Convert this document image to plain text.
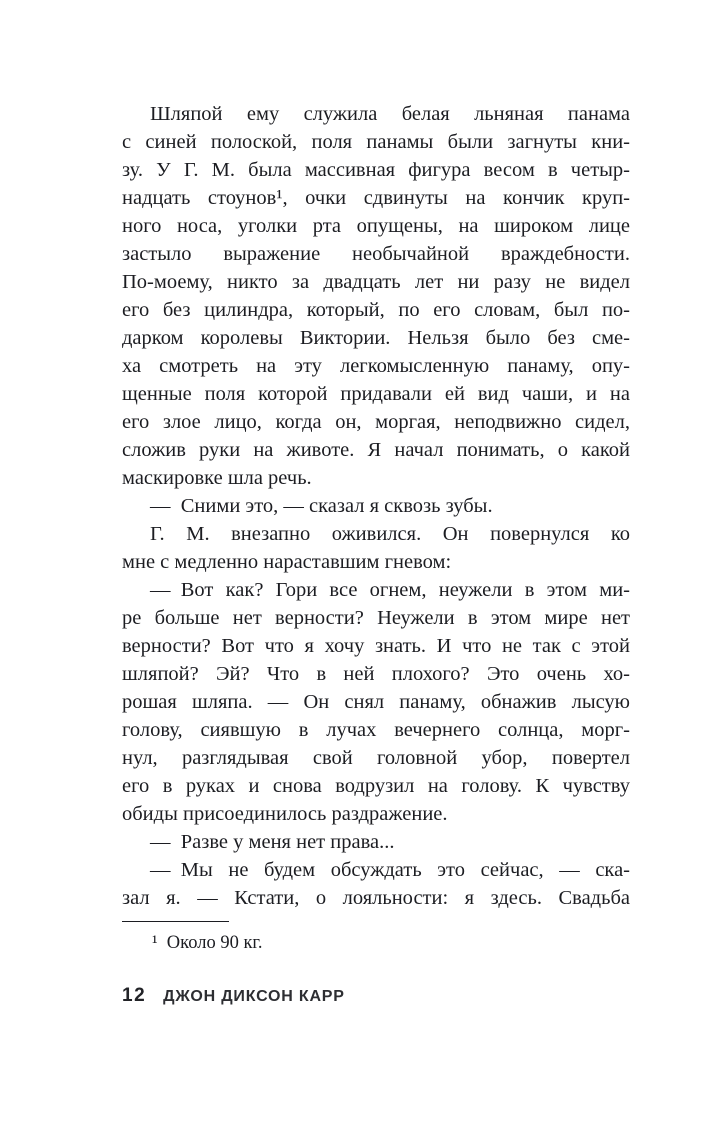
Шляпой ему служила белая льняная панама
с синей полоской, поля панамы были загнуты кни-
зу. У Г. М. была массивная фигура весом в четыр-
надцать стоунов¹, очки сдвинуты на кончик круп-
ного носа, уголки рта опущены, на широком лице
застыло выражение необычайной враждебности.
По-моему, никто за двадцать лет ни разу не видел
его без цилиндра, который, по его словам, был по-
дарком королевы Виктории. Нельзя было без сме-
ха смотреть на эту легкомысленную панаму, опу-
щенные поля которой придавали ей вид чаши, и на
его злое лицо, когда он, моргая, неподвижно сидел,
сложив руки на животе. Я начал понимать, о какой
маскировке шла речь.
— Сними это, — сказал я сквозь зубы.
Г. М. внезапно оживился. Он повернулся ко
мне с медленно нараставшим гневом:
— Вот как? Гори все огнем, неужели в этом ми-
ре больше нет верности? Неужели в этом мире нет
верности? Вот что я хочу знать. И что не так с этой
шляпой? Эй? Что в ней плохого? Это очень хо-
рошая шляпа. — Он снял панаму, обнажив лысую
голову, сиявшую в лучах вечернего солнца, морг-
нул, разглядывая свой головной убор, повертел
его в руках и снова водрузил на голову. К чувству
обиды присоединилось раздражение.
— Разве у меня нет права...
— Мы не будем обсуждать это сейчас, — ска-
зал я. — Кстати, о лояльности: я здесь. Свадьба
¹ Около 90 кг.
12 ДЖОН ДИКСОН КАРР
